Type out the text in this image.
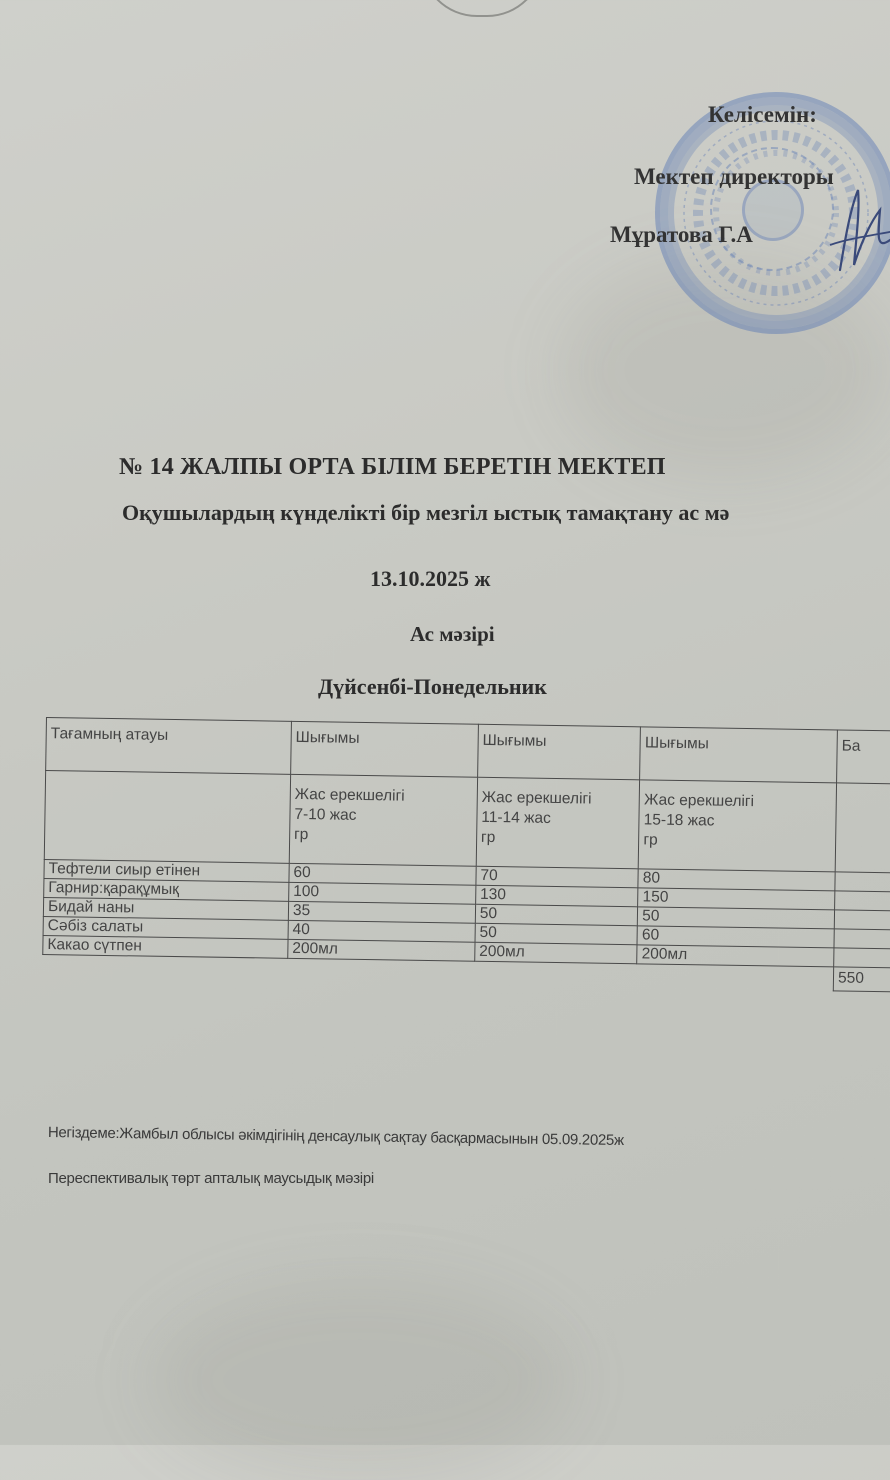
Келісемін:
Мектеп директоры
Мұратова Г.А
№ 14 ЖАЛПЫ ОРТА БІЛІМ БЕРЕТІН МЕКТЕП
Оқушылардың күнделікті бір мезгіл ыстық тамақтану ас мә
13.10.2025 ж
Ас мәзірі
Дүйсенбі-Понедельник
Тағамның атауы	Шығымы	Шығымы	Шығымы	Ба

	Жас ерекшелігі
7-10 жас
гр	Жас ерекшелігі
11-14 жас
гр	Жас ерекшелігі
15-18 жас
гр	

Тефтели сиыр етінен	60	70	80	
Гарнир:қарақұмық	100	130	150	
Бидай наны	35	50	50	
Сәбіз салаты	40	50	60	
Какао сүтпен	200мл	200мл	200мл	
				550
Негіздеме:Жамбыл облысы әкімдігінің денсаулық сақтау басқармасынын 05.09.2025ж
Переспективалық төрт апталық маусыдық мәзірі
